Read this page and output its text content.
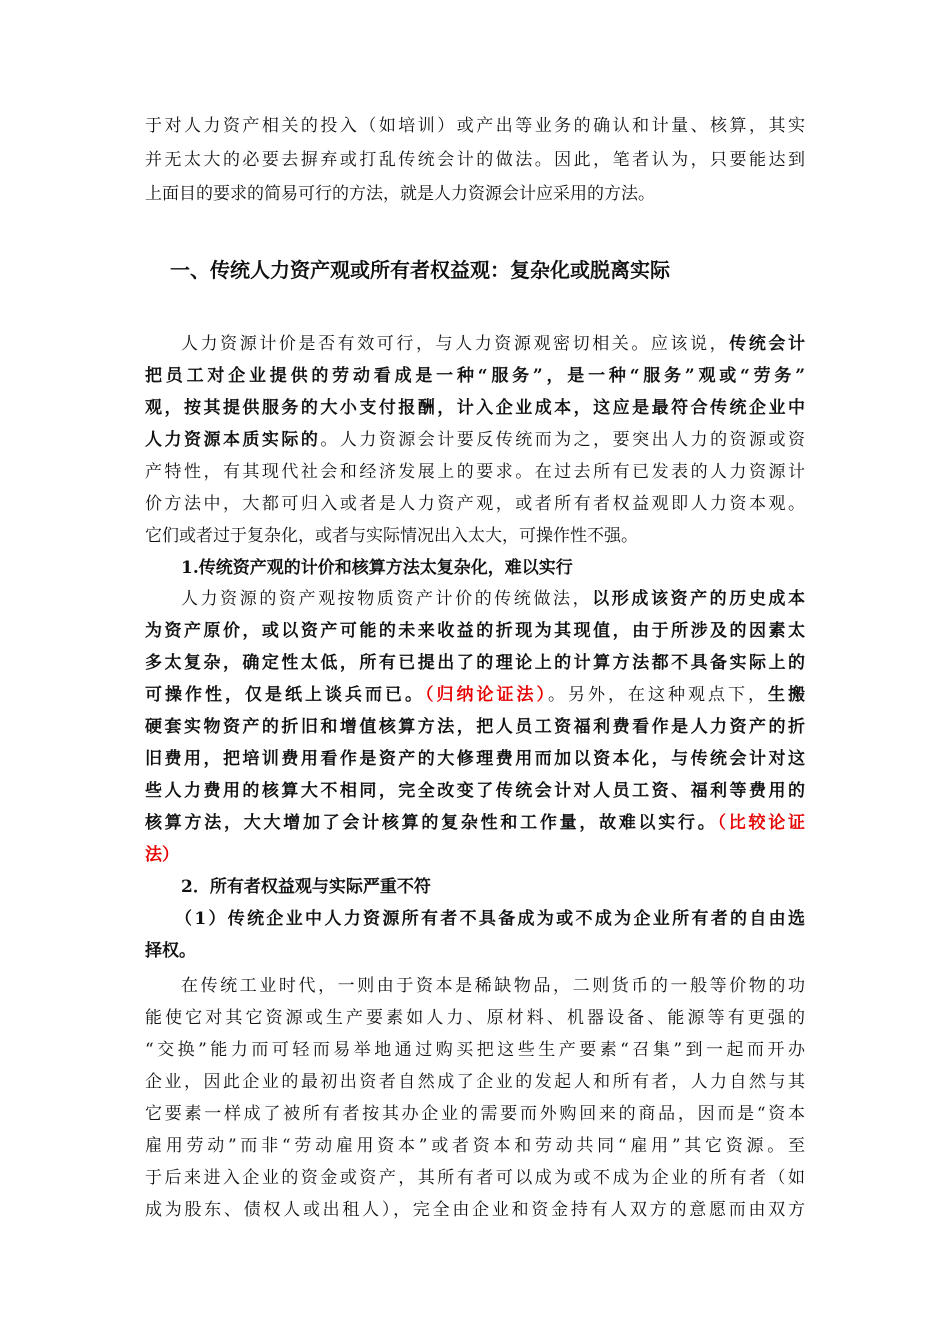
于对人力资产相关的投入（如培训）或产出等业务的确认和计量、核算，其实
并无太大的必要去摒弃或打乱传统会计的做法。因此，笔者认为，只要能达到
上面目的要求的简易可行的方法，就是人力资源会计应采用的方法。
一、传统人力资产观或所有者权益观：复杂化或脱离实际
人力资源计价是否有效可行，与人力资源观密切相关。应该说，传统会计
把员工对企业提供的劳动看成是一种“服务”，是一种“服务”观或“劳务”
观，按其提供服务的大小支付报酬，计入企业成本，这应是最符合传统企业中
人力资源本质实际的。人力资源会计要反传统而为之，要突出人力的资源或资
产特性，有其现代社会和经济发展上的要求。在过去所有已发表的人力资源计
价方法中，大都可归入或者是人力资产观，或者所有者权益观即人力资本观。
它们或者过于复杂化，或者与实际情况出入太大，可操作性不强。
1.传统资产观的计价和核算方法太复杂化，难以实行
人力资源的资产观按物质资产计价的传统做法，以形成该资产的历史成本
为资产原价，或以资产可能的未来收益的折现为其现值，由于所涉及的因素太
多太复杂，确定性太低，所有已提出了的理论上的计算方法都不具备实际上的
可操作性，仅是纸上谈兵而已。（归纳论证法）。另外，在这种观点下，生搬
硬套实物资产的折旧和增值核算方法，把人员工资福利费看作是人力资产的折
旧费用，把培训费用看作是资产的大修理费用而加以资本化，与传统会计对这
些人力费用的核算大不相同，完全改变了传统会计对人员工资、福利等费用的
核算方法，大大增加了会计核算的复杂性和工作量，故难以实行。（比较论证
法）
2．所有者权益观与实际严重不符
（1）传统企业中人力资源所有者不具备成为或不成为企业所有者的自由选
择权。
在传统工业时代，一则由于资本是稀缺物品，二则货币的一般等价物的功
能使它对其它资源或生产要素如人力、原材料、机器设备、能源等有更强的
“交换”能力而可轻而易举地通过购买把这些生产要素“召集”到一起而开办
企业，因此企业的最初出资者自然成了企业的发起人和所有者，人力自然与其
它要素一样成了被所有者按其办企业的需要而外购回来的商品，因而是“资本
雇用劳动”而非“劳动雇用资本”或者资本和劳动共同“雇用”其它资源。至
于后来进入企业的资金或资产，其所有者可以成为或不成为企业的所有者（如
成为股东、债权人或出租人），完全由企业和资金持有人双方的意愿而由双方
